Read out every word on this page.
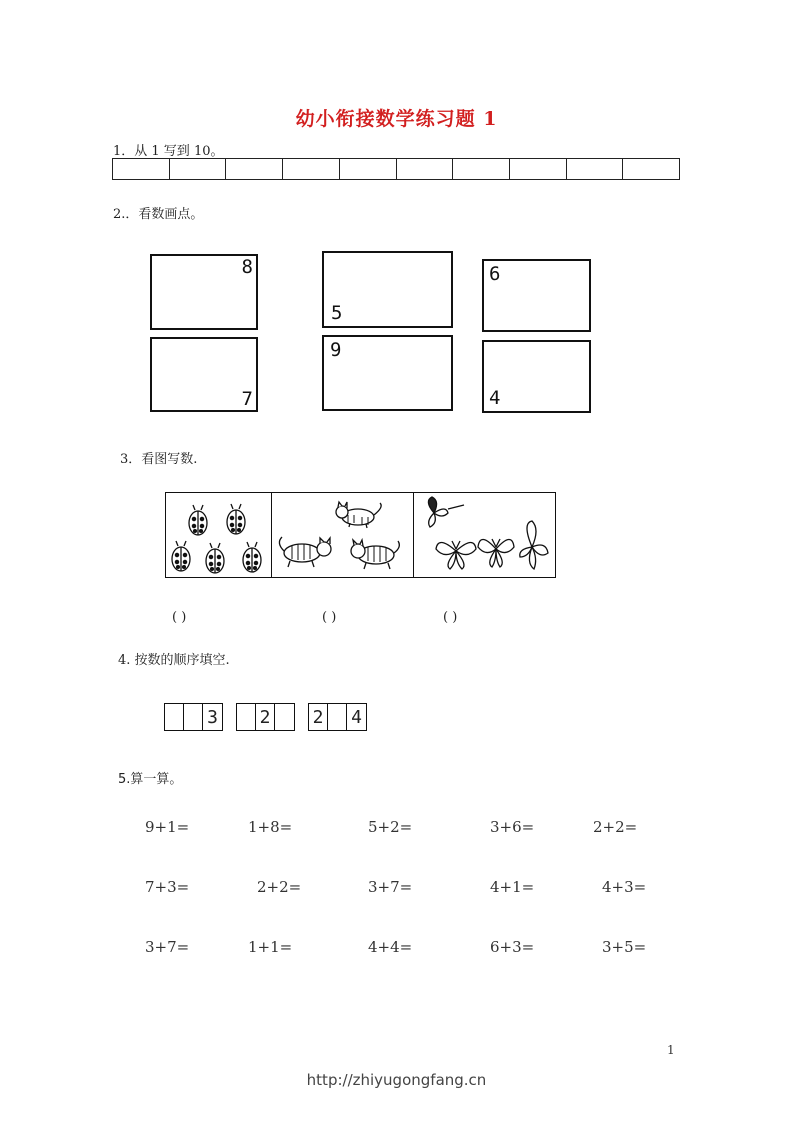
幼小衔接数学练习题 1
1．从 1 写到 10。
2.．看数画点。
8
5
6
7
9
4
3．看图写数.
( )	( )	( )
4. 按数的顺序填空.
3 2 2 4
5.算一算。
9+1=	1+8=	5+2=	3+6=	2+2=
7+3=	2+2=	3+7=	4+1=	4+3=
3+7=	1+1=	4+4=	6+3=	3+5=
1
http://zhiyugongfang.cn
